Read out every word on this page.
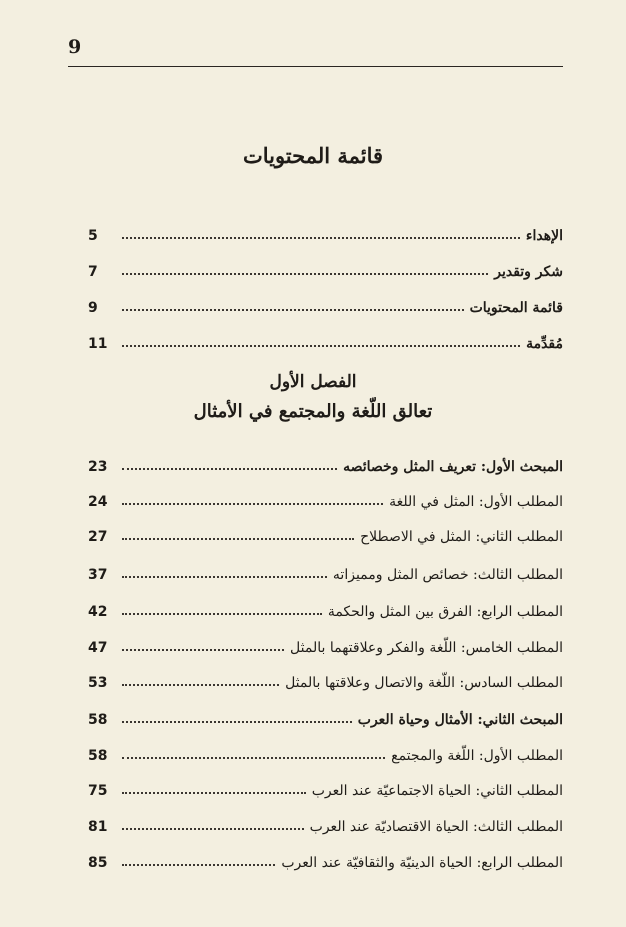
9
قائمة المحتويات
5	الإهداء
7	شكر وتقدير
9	قائمة المحتويات
11	مُقدِّمة
الفصل الأول
تعالق اللّغة والمجتمع في الأمثال
23	المبحث الأول: تعريف المثل وخصائصه
24	المطلب الأول: المثل في اللغة
27	المطلب الثاني: المثل في الاصطلاح
37	المطلب الثالث: خصائص المثل ومميزاته
42	المطلب الرابع: الفرق بين المثل والحكمة
47	المطلب الخامس: اللّغة والفكر وعلاقتهما بالمثل
53	المطلب السادس: اللّغة والاتصال وعلاقتها بالمثل
58	المبحث الثاني: الأمثال وحياة العرب
58	المطلب الأول: اللّغة والمجتمع
75	المطلب الثاني: الحياة الاجتماعيّة عند العرب
81	المطلب الثالث: الحياة الاقتصاديّة عند العرب
85	المطلب الرابع: الحياة الدينيّة والثقافيّة عند العرب
